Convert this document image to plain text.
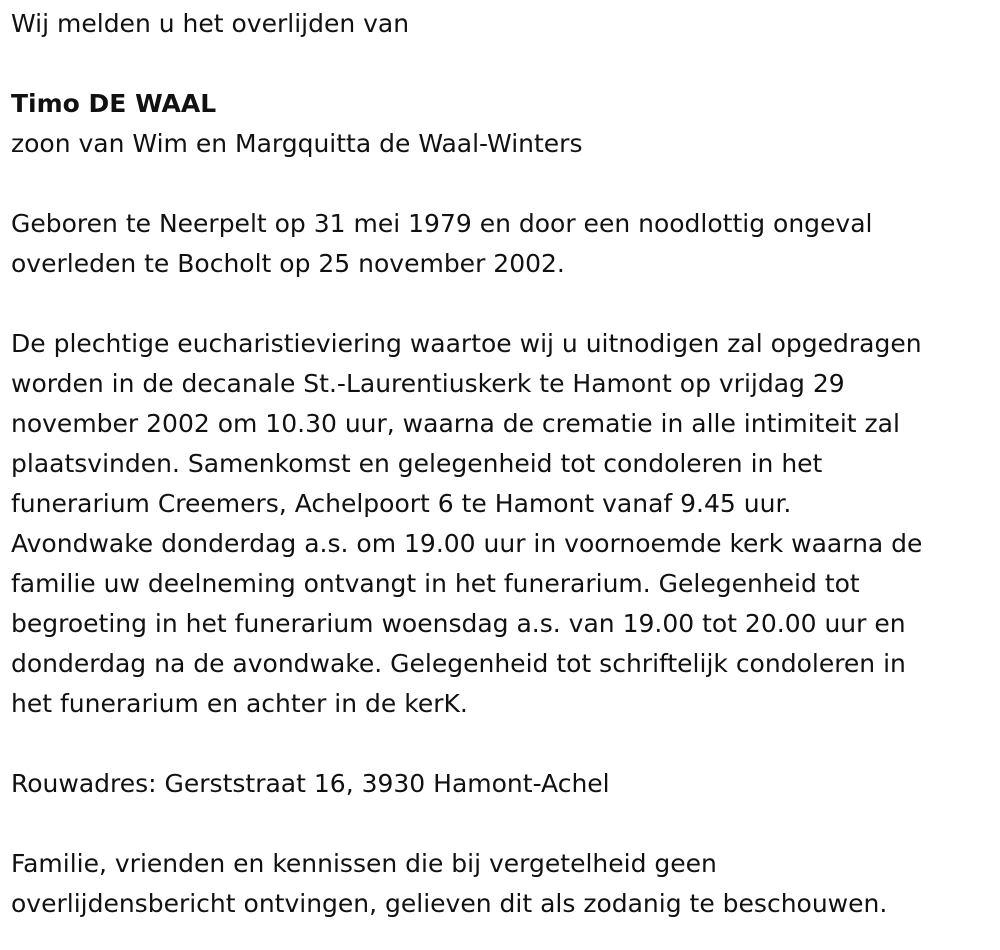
Wij melden u het overlijden van

Timo DE WAAL

zoon van Wim en Margquitta de Waal-Winters

Geboren te Neerpelt op 31 mei 1979 en door een noodlottig ongeval

overleden te Bocholt op 25 november 2002.

De plechtige eucharistieviering waartoe wij u uitnodigen zal opgedragen

worden in de decanale St.-Laurentiuskerk te Hamont op vrijdag 29

november 2002 om 10.30 uur, waarna de crematie in alle intimiteit zal

plaatsvinden. Samenkomst en gelegenheid tot condoleren in het

funerarium Creemers, Achelpoort 6 te Hamont vanaf 9.45 uur.

Avondwake donderdag a.s. om 19.00 uur in voornoemde kerk waarna de

familie uw deelneming ontvangt in het funerarium. Gelegenheid tot

begroeting in het funerarium woensdag a.s. van 19.00 tot 20.00 uur en

donderdag na de avondwake. Gelegenheid tot schriftelijk condoleren in

het funerarium en achter in de kerK.

Rouwadres: Gerststraat 16, 3930 Hamont-Achel

Familie, vrienden en kennissen die bij vergetelheid geen

overlijdensbericht ontvingen, gelieven dit als zodanig te beschouwen.
